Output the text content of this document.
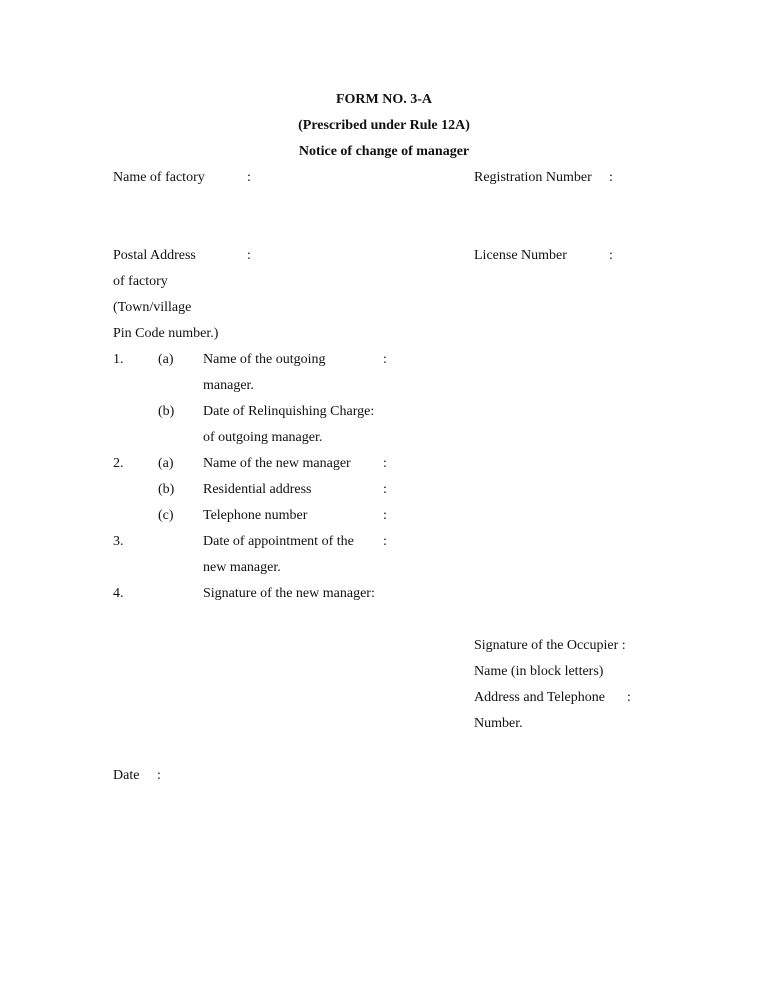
FORM NO. 3-A
(Prescribed under Rule 12A)
Notice of change of manager
Name of factory	:	Registration Number :
Postal Address	:	License Number	:
of factory
(Town/village
Pin Code number.)
1. (a) Name of the outgoing	:
manager.
(b) Date of Relinquishing Charge:
of outgoing manager.
2. (a) Name of the new manager :
(b) Residential address	:
(c) Telephone number	:
3.	Date of appointment of the :
new manager.
4.	Signature of the new manager:
Signature of the Occupier :
Name (in block letters)
Address and Telephone :
Number.
Date :
